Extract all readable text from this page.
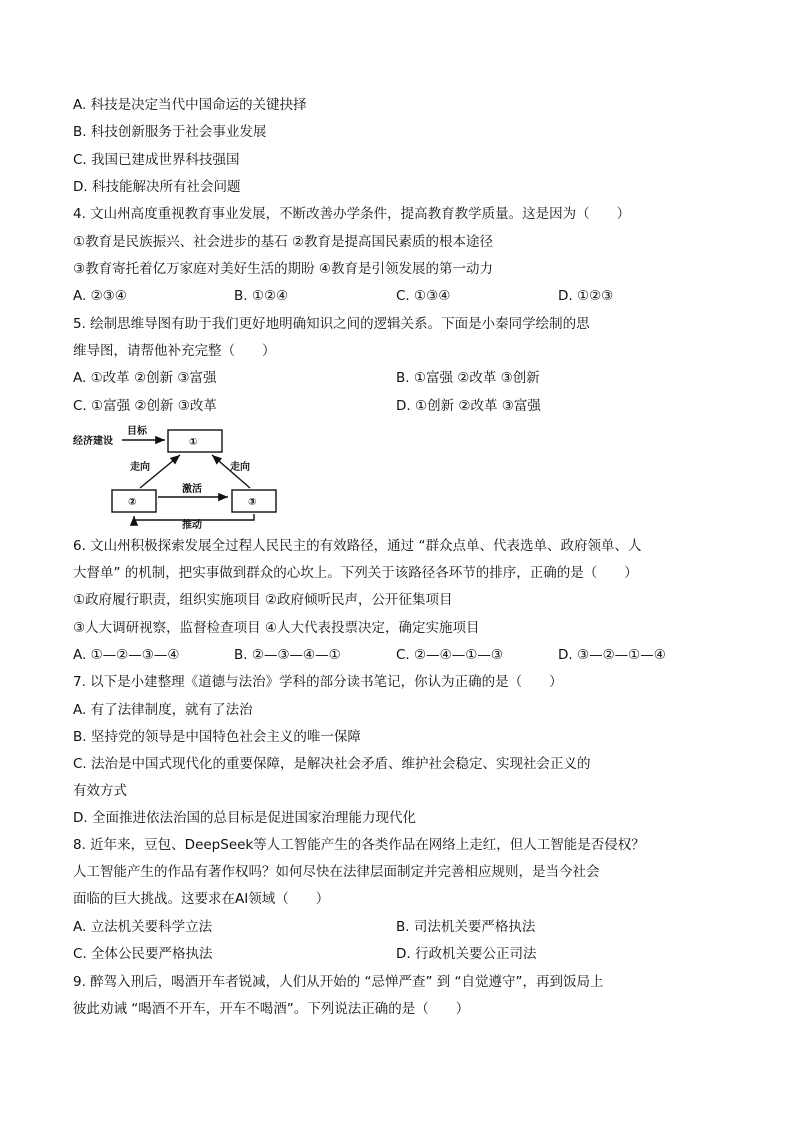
A. 科技是决定当代中国命运的关键抉择
B. 科技创新服务于社会事业发展
C. 我国已建成世界科技强国
D. 科技能解决所有社会问题
4. 文山州高度重视教育事业发展，不断改善办学条件，提高教育教学质量。这是因为（　　）
①教育是民族振兴、社会进步的基石 ②教育是提高国民素质的根本途径
③教育寄托着亿万家庭对美好生活的期盼 ④教育是引领发展的第一动力
A. ②③④	B. ①②④	C. ①③④	D. ①②③
5. 绘制思维导图有助于我们更好地明确知识之间的逻辑关系。下面是小秦同学绘制的思
维导图，请帮他补充完整（　　）
A. ①改革 ②创新 ③富强	B. ①富强 ②改革 ③创新
C. ①富强 ②创新 ③改革	D. ①创新 ②改革 ③富强
经济建设
目标
①
②	③
走向	走向
激活
推动
6. 文山州积极探索发展全过程人民民主的有效路径，通过 “群众点单、代表选单、政府领单、人
大督单” 的机制，把实事做到群众的心坎上。下列关于该路径各环节的排序，正确的是（　　）
①政府履行职责，组织实施项目 ②政府倾听民声，公开征集项目
③人大调研视察，监督检查项目 ④人大代表投票决定，确定实施项目
A. ①—②—③—④	B. ②—③—④—①	C. ②—④—①—③	D. ③—②—①—④
7. 以下是小建整理《道德与法治》学科的部分读书笔记，你认为正确的是（　　）
A. 有了法律制度，就有了法治
B. 坚持党的领导是中国特色社会主义的唯一保障
C. 法治是中国式现代化的重要保障，是解决社会矛盾、维护社会稳定、实现社会正义的
有效方式
D. 全面推进依法治国的总目标是促进国家治理能力现代化
8. 近年来，豆包、DeepSeek等人工智能产生的各类作品在网络上走红，但人工智能是否侵权？
人工智能产生的作品有著作权吗？如何尽快在法律层面制定并完善相应规则，是当今社会
面临的巨大挑战。这要求在AI领域（　　）
A. 立法机关要科学立法	B. 司法机关要严格执法
C. 全体公民要严格执法	D. 行政机关要公正司法
9. 醉驾入刑后，喝酒开车者锐减，人们从开始的 “忌惮严查” 到 “自觉遵守”，再到饭局上
彼此劝诫 “喝酒不开车，开车不喝酒”。下列说法正确的是（　　）
